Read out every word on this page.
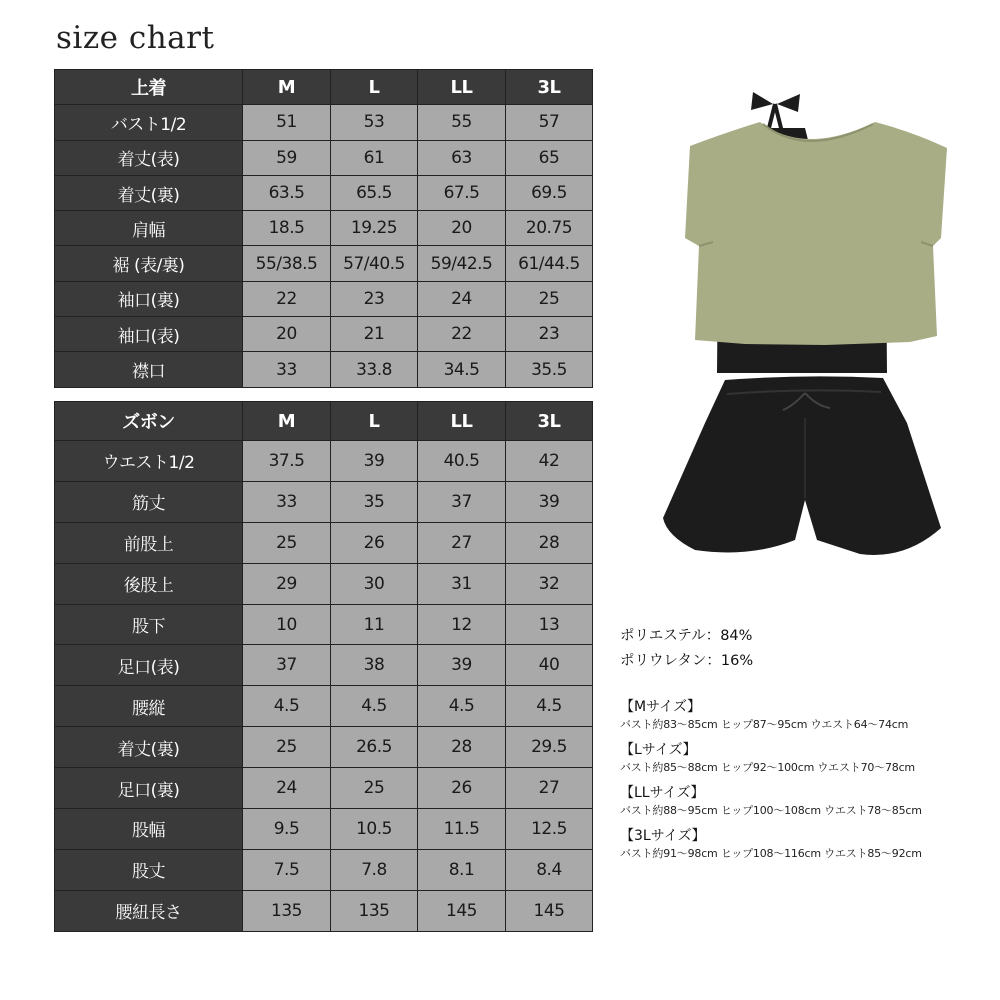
size chart
上着	M	L	LL	3L
バスト1/2	51	53	55	57
着丈(表)	59	61	63	65
着丈(裏)	63.5	65.5	67.5	69.5
肩幅	18.5	19.25	20	20.75
裾 (表/裏)	55/38.5	57/40.5	59/42.5	61/44.5
袖口(裏)	22	23	24	25
袖口(表)	20	21	22	23
襟口	33	33.8	34.5	35.5
ズボン	M	L	LL	3L
ウエスト1/2	37.5	39	40.5	42
筋丈	33	35	37	39
前股上	25	26	27	28
後股上	29	30	31	32
股下	10	11	12	13
足口(表)	37	38	39	40
腰縦	4.5	4.5	4.5	4.5
着丈(裏)	25	26.5	28	29.5
足口(裏)	24	25	26	27
股幅	9.5	10.5	11.5	12.5
股丈	7.5	7.8	8.1	8.4
腰紐長さ	135	135	145	145
ポリエステル：84%
ポリウレタン：16%
【Mサイズ】
バスト約83〜85cm ヒップ87〜95cm ウエスト64〜74cm
【Lサイズ】
バスト約85〜88cm ヒップ92〜100cm ウエスト70〜78cm
【LLサイズ】
バスト約88〜95cm ヒップ100〜108cm ウエスト78〜85cm
【3Lサイズ】
バスト約91〜98cm ヒップ108〜116cm ウエスト85〜92cm
